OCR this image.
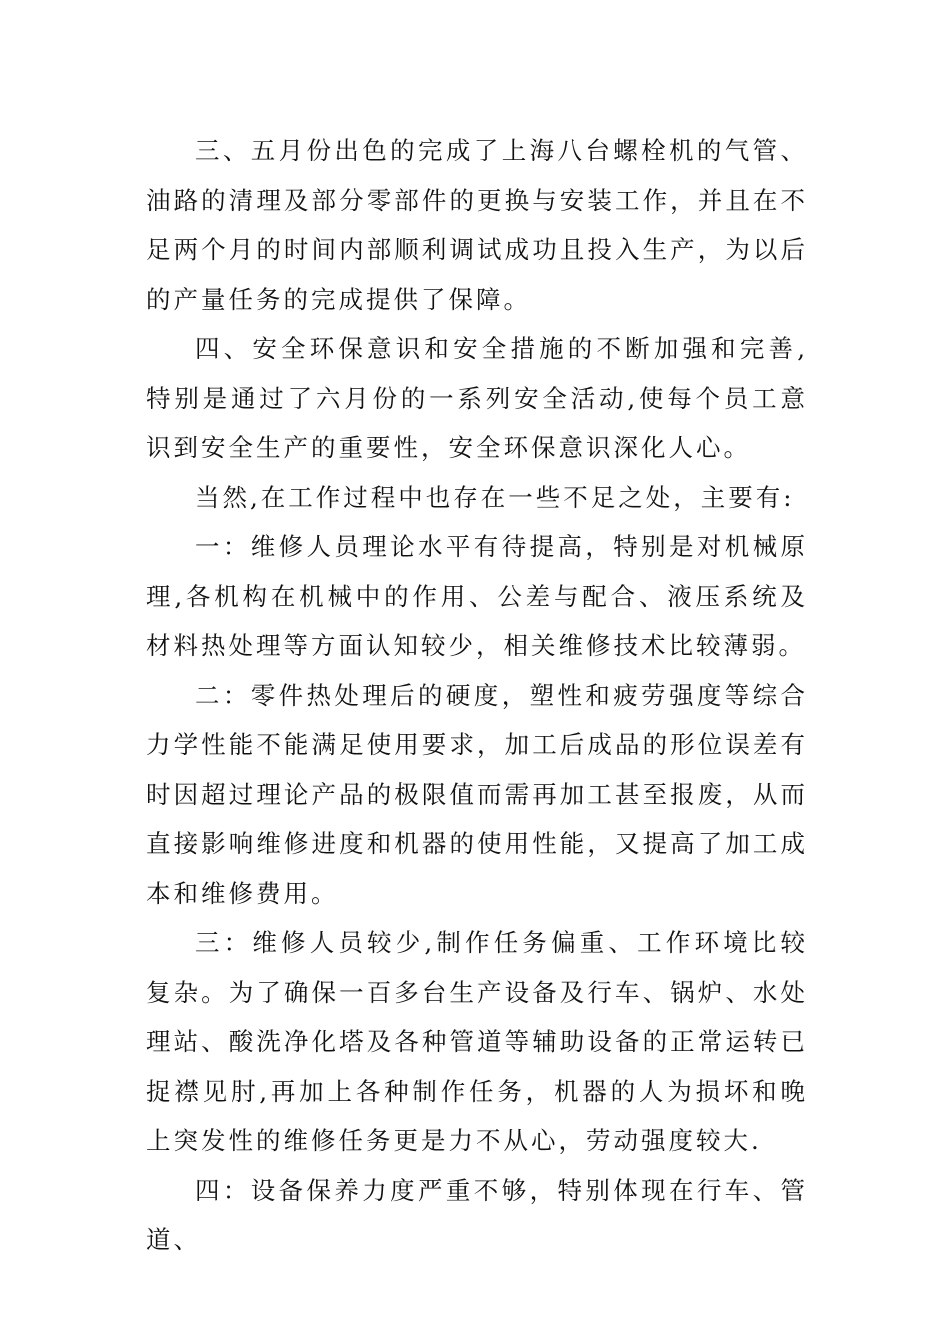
三、五月份出色的完成了上海八台螺栓机的气管、油路的清理及部分零部件的更换与安装工作，并且在不足两个月的时间内部顺利调试成功且投入生产，为以后的产量任务的完成提供了保障。

四、安全环保意识和安全措施的不断加强和完善,特别是通过了六月份的一系列安全活动,使每个员工意识到安全生产的重要性，安全环保意识深化人心。

当然,在工作过程中也存在一些不足之处，主要有:

一：维修人员理论水平有待提高，特别是对机械原理,各机构在机械中的作用、公差与配合、液压系统及材料热处理等方面认知较少，相关维修技术比较薄弱。

二：零件热处理后的硬度，塑性和疲劳强度等综合力学性能不能满足使用要求，加工后成品的形位误差有时因超过理论产品的极限值而需再加工甚至报废，从而直接影响维修进度和机器的使用性能，又提高了加工成本和维修费用。

三：维修人员较少,制作任务偏重、工作环境比较复杂。为了确保一百多台生产设备及行车、锅炉、水处理站、酸洗净化塔及各种管道等辅助设备的正常运转已捉襟见肘,再加上各种制作任务，机器的人为损坏和晚上突发性的维修任务更是力不从心，劳动强度较大.

四：设备保养力度严重不够，特别体现在行车、管道、
